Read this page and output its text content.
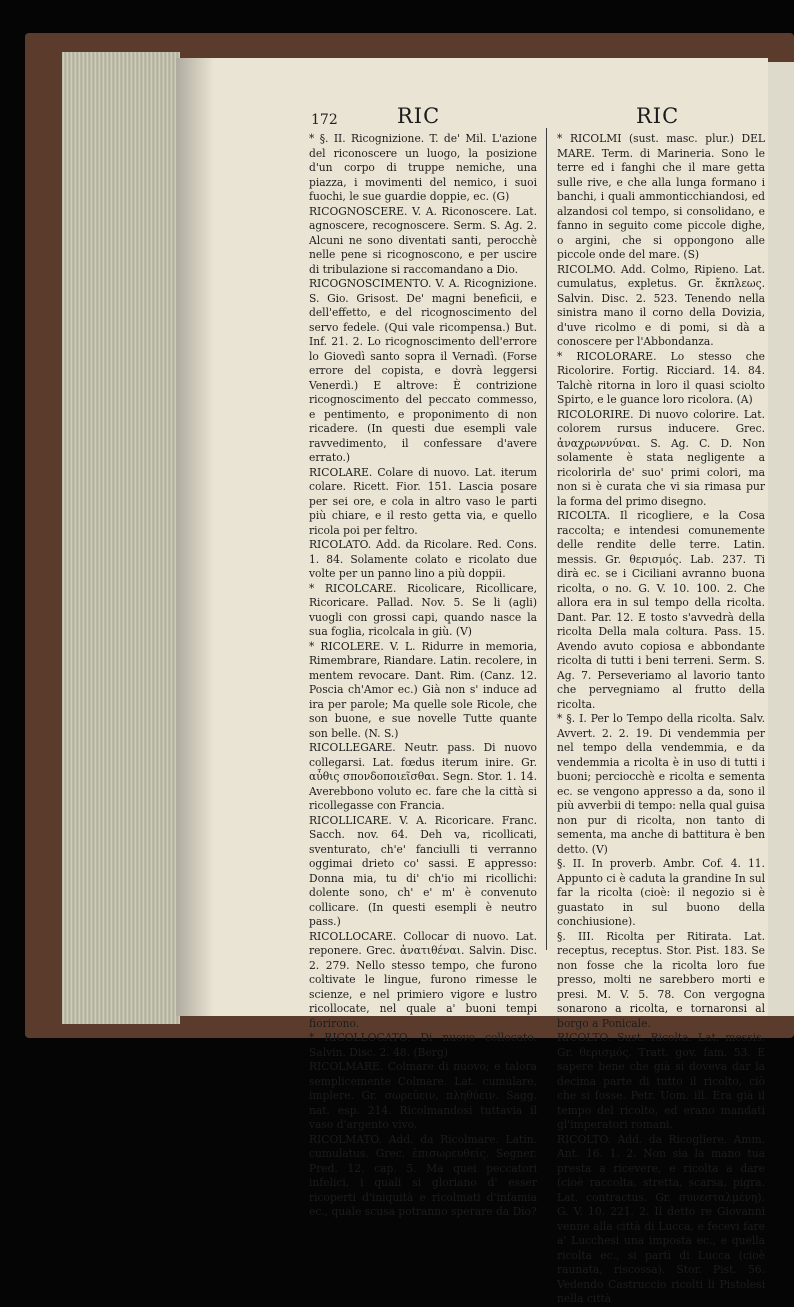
172	RIC	RIC

* §. II. Ricognizione. T. de' Mil. L'azione del riconoscere un luogo, la posizione d'un corpo di truppe nemiche, una piazza, i movimenti del nemico, i suoi fuochi, le sue guardie doppie, ec. (G)

RICOGNOSCERE. V. A. Riconoscere. Lat. agnoscere, recognoscere. Serm. S. Ag. 2. Alcuni ne sono diventati santi, perocchè nelle pene si ricognoscono, e per uscire di tribulazione si raccomandano a Dio.

RICOGNOSCIMENTO. V. A. Ricognizione. S. Gio. Grisost. De' magni beneficii, e dell'effetto, e del ricognoscimento del servo fedele. (Qui vale ricompensa.) But. Inf. 21. 2. Lo ricognoscimento dell'errore lo Giovedì santo sopra il Vernadì. (Forse errore del copista, e dovrà leggersi Venerdì.) E altrove: È contrizione ricognoscimento del peccato commesso, e pentimento, e proponimento di non ricadere. (In questi due esempli vale ravvedimento, il confessare d'avere errato.)

RICOLARE. Colare di nuovo. Lat. iterum colare. Ricett. Fior. 151. Lascia posare per sei ore, e cola in altro vaso le parti più chiare, e il resto getta via, e quello ricola poi per feltro.

RICOLATO. Add. da Ricolare. Red. Cons. 1. 84. Solamente colato e ricolato due volte per un panno lino a più doppii.

* RICOLCARE. Ricolicare, Ricollicare, Ricoricare. Pallad. Nov. 5. Se li (agli) vuogli con grossi capi, quando nasce la sua foglia, ricolcala in giù. (V)

* RICOLERE. V. L. Ridurre in memoria, Rimembrare, Riandare. Latin. recolere, in mentem revocare. Dant. Rim. (Canz. 12. Poscia ch'Amor ec.) Già non s' induce ad ira per parole; Ma quelle sole Ricole, che son buone, e sue novelle Tutte quante son belle. (N. S.)

RICOLLEGARE. Neutr. pass. Di nuovo collegarsi. Lat. fœdus iterum inire. Gr. αὖθις σπονδοποιεῖσθαι. Segn. Stor. 1. 14. Averebbono voluto ec. fare che la città si ricollegasse con Francia.

RICOLLICARE. V. A. Ricoricare. Franc. Sacch. nov. 64. Deh va, ricollicati, sventurato, ch'e' fanciulli ti verranno oggimai drieto co' sassi. E appresso: Donna mia, tu di' ch'io mi ricollichi: dolente sono, ch' e' m' è convenuto collicare. (In questi esempli è neutro pass.)

RICOLLOCARE. Collocar di nuovo. Lat. reponere. Grec. ἀνατιθέναι. Salvin. Disc. 2. 279. Nello stesso tempo, che furono coltivate le lingue, furono rimesse le scienze, e nel primiero vigore e lustro ricollocate, nel quale a' buoni tempi fiorirono.

* RICOLLOCATO. Di nuovo collocato. Salvin. Disc. 2. 48. (Berg)

RICOLMARE. Colmare di nuovo; e talora semplicemente Colmare. Lat. cumulare, implere. Gr. σωρεύειν, πληθύειν. Sagg. nat. esp. 214. Ricolmandosi tuttavia il vaso d'argento vivo.

RICOLMATO. Add. da Ricolmare. Latin. cumulatus. Grec. ἐπισωρευθείς. Segner. Pred. 12. cap. 5. Ma quei peccatori infelici, i quali si gloriano d' esser ricoperti d'iniquità e ricolmati d'infamia ec., quale scusa potranno sperare da Dio?

* RICOLMI (sust. masc. plur.) DEL MARE. Term. di Marineria. Sono le terre ed i fanghi che il mare getta sulle rive, e che alla lunga formano i banchi, i quali ammonticchiandosi, ed alzandosi col tempo, si consolidano, e fanno in seguito come piccole dighe, o argini, che si oppongono alle piccole onde del mare. (S)

RICOLMO. Add. Colmo, Ripieno. Lat. cumulatus, expletus. Gr. ἔκπλεως. Salvin. Disc. 2. 523. Tenendo nella sinistra mano il corno della Dovizia, d'uve ricolmo e di pomi, si dà a conoscere per l'Abbondanza.

* RICOLORARE. Lo stesso che Ricolorire. Fortig. Ricciard. 14. 84. Talchè ritorna in loro il quasi sciolto Spirto, e le guance loro ricolora. (A)

RICOLORIRE. Di nuovo colorire. Lat. colorem rursus inducere. Grec. ἀναχρωννύναι. S. Ag. C. D. Non solamente è stata negligente a ricolorirla de' suo' primi colori, ma non si è curata che vi sia rimasa pur la forma del primo disegno.

RICOLTA. Il ricogliere, e la Cosa raccolta; e intendesi comunemente delle rendite delle terre. Latin. messis. Gr. θερισμός. Lab. 237. Ti dirà ec. se i Ciciliani avranno buona ricolta, o no. G. V. 10. 100. 2. Che allora era in sul tempo della ricolta. Dant. Par. 12. E tosto s'avvedrà della ricolta Della mala coltura. Pass. 15. Avendo avuto copiosa e abbondante ricolta di tutti i beni terreni. Serm. S. Ag. 7. Perseveriamo al lavorio tanto che pervegniamo al frutto della ricolta.

* §. I. Per lo Tempo della ricolta. Salv. Avvert. 2. 2. 19. Di vendemmia per nel tempo della vendemmia, e da vendemmia a ricolta è in uso di tutti i buoni; perciocchè e ricolta e sementa ec. se vengono appresso a da, sono il più avverbii di tempo: nella qual guisa non pur di ricolta, non tanto di sementa, ma anche di battitura è ben detto. (V)

§. II. In proverb. Ambr. Cof. 4. 11. Appunto ci è caduta la grandine In sul far la ricolta (cioè: il negozio si è guastato in sul buono della conchiusione).

§. III. Ricolta per Ritirata. Lat. receptus, receptus. Stor. Pist. 183. Se non fosse che la ricolta loro fue presso, molti ne sarebbero morti e presi. M. V. 5. 78. Con vergogna sonarono a ricolta, e tornaronsi al borgo a Ponicale.

RICOLTO. Sust. Ricolta. Lat. messis. Gr. θερισμός. Tratt. gov. fam. 53. E sapere bene che già si doveva dar la decima parte di tutto il ricolto, ciò che si fosse. Petr. Uom. ill. Era già il tempo del ricolto, ed erano mandati gl'imperatori romani.

RICOLTO. Add. da Ricogliere. Amm. Ant. 16. 1. 2. Non sia la mano tua presta a ricevere, e ricolta a dare (cioè raccolta, stretta, scarsa, pigra. Lat. contractus. Gr. συνεσταλμένη). G. V. 10. 221. 2. Il detto re Giovanni venne alla città di Lucca, e fecevi fare a' Lucchesi una imposta ec., e quella ricolta ec., si partì di Lucca (cioè raunata, riscossa). Stor. Pist. 56. Vedendo Castruccio ricolti li Pistolesi nella città
